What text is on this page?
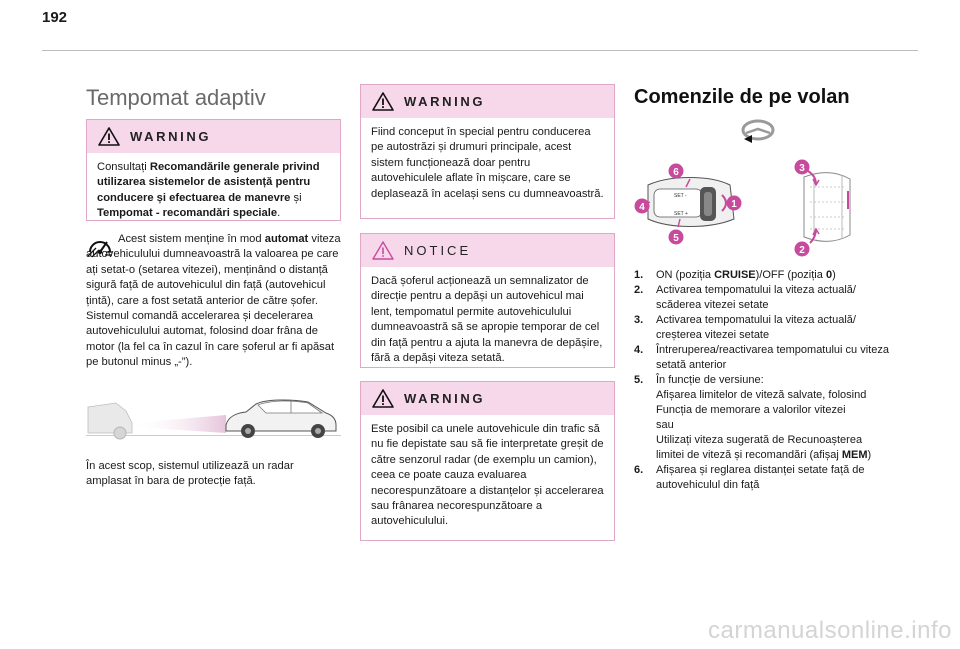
192
Tempomat adaptiv
WARNING
Consultați Recomandările generale privind utilizarea sistemelor de asistență pentru conducere și efectuarea de manevre și Tempomat - recomandări speciale.

Acest sistem menține în mod automat viteza autovehiculului dumneavoastră la valoarea pe care ați setat-o (setarea vitezei), menținând o distanță sigură față de autovehiculul din față (autovehicul țintă), care a fost setată anterior de către șofer. Sistemul comandă accelerarea și decelerarea autovehiculului automat, folosind doar frâna de motor (la fel ca în cazul în care șoferul ar fi apăsat pe butonul minus „-”).

În acest scop, sistemul utilizează un radar amplasat în bara de protecție față.

WARNING
Fiind conceput în special pentru conducerea pe autostrăzi și drumuri principale, acest sistem funcționează doar pentru autovehiculele aflate în mișcare, care se deplasează în același sens cu dumneavoastră.
NOTICE
Dacă șoferul acționează un semnalizator de direcție pentru a depăși un autovehicul mai lent, tempomatul permite autovehiculului dumneavoastră să se apropie temporar de cel din față pentru a ajuta la manevra de depășire, fără a depăși viteza setată.
WARNING
Este posibil ca unele autovehicule din trafic să nu fie depistate sau să fie interpretate greșit de către senzorul radar (de exemplu un camion), ceea ce poate cauza evaluarea necorespunzătoare a distanțelor și accelerarea sau frânarea necorespunzătoare a autovehiculului.
Comenzile de pe volan
SET -
SET +
6
4
5
1
3
2
1. ON (poziția CRUISE)/OFF (poziția 0)
2. Activarea tempomatului la viteza actuală/ scăderea vitezei setate
3. Activarea tempomatului la viteza actuală/ creșterea vitezei setate
4. Întreruperea/reactivarea tempomatului cu viteza setată anterior
5. În funcție de versiune:
Afișarea limitelor de viteză salvate, folosind Funcția de memorare a valorilor vitezei
sau
Utilizați viteza sugerată de Recunoașterea limitei de viteză și recomandări (afișaj MEM)
6. Afișarea și reglarea distanței setate față de autovehiculul din față
carmanualsonline.info
